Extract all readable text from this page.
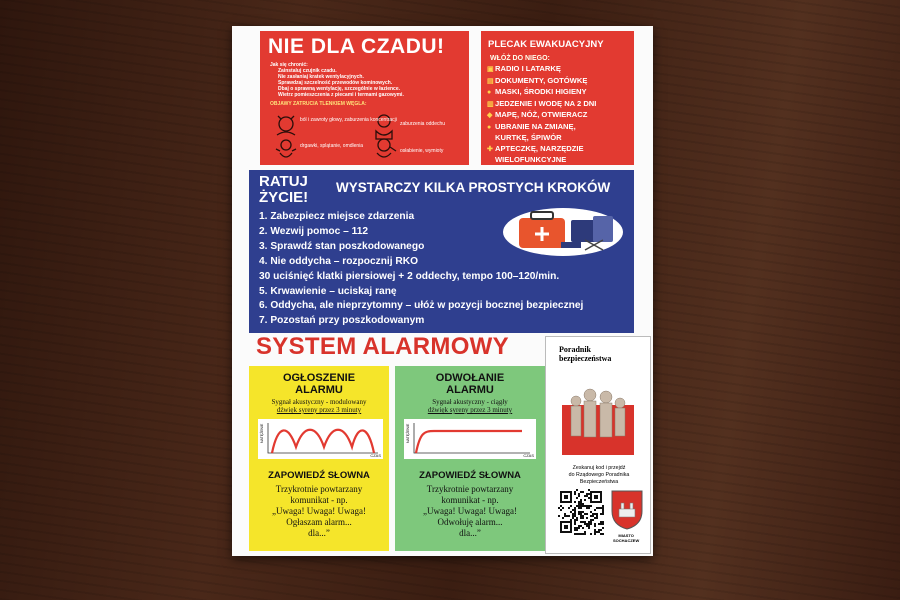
NIE DLA CZADU!
Jak się chronić:
Zainstaluj czujnik czadu.
Nie zasłaniaj kratek wentylacyjnych.
Sprawdzaj szczelność przewodów kominowych.
Dbaj o sprawną wentylację, szczególnie w łazience.
Wietrz pomieszczenia z piecami i termami gazowymi.
OBJAWY ZATRUCIA TLENKIEM WĘGLA:
ból i zawroty głowy, zaburzenia koncentracji
zaburzenia oddechu
drgawki, splątanie, omdlenia
osłabienie, wymioty
PLECAK EWAKUACYJNY
WŁÓŻ DO NIEGO:
▣RADIO I LATARKĘ
▤DOKUMENTY, GOTÓWKĘ
● MASKI, ŚRODKI HIGIENY
▥JEDZENIE I WODĘ NA 2 DNI
◆ MAPĘ, NÓŻ, OTWIERACZ
● UBRANIE NA ZMIANĘ,
KURTKĘ, ŚPIWÓR
✚ APTECZKĘ, NARZĘDZIE
WIELOFUNKCYJNE
RATUJ
ŻYCIE!
WYSTARCZY KILKA PROSTYCH KROKÓW
1. Zabezpiecz miejsce zdarzenia
2. Wezwij pomoc – 112
3. Sprawdź stan poszkodowanego
4. Nie oddycha – rozpocznij RKO
30 uciśnięć klatki piersiowej + 2 oddechy, tempo 100–120/min.
5. Krwawienie – uciskaj ranę
6. Oddycha, ale nieprzytomny – ułóż w pozycji bocznej bezpiecznej
7. Pozostań przy poszkodowanym
SYSTEM ALARMOWY
OGŁOSZENIE
ALARMU
Sygnał akustyczny - modulowany
dźwięk syreny przez 3 minuty
NATĘŻENIE
CZAS
ZAPOWIEDŹ SŁOWNA
Trzykrotnie powtarzany
komunikat - np.
„Uwaga! Uwaga! Uwaga!
Ogłaszam alarm...
dla...”
ODWOŁANIE
ALARMU
Sygnał akustyczny - ciągły
dźwięk syreny przez 3 minuty
NATĘŻENIE
CZAS
ZAPOWIEDŹ SŁOWNA
Trzykrotnie powtarzany
komunikat - np.
„Uwaga! Uwaga! Uwaga!
Odwołuję alarm...
dla...”
Poradnik
bezpieczeństwa
Zeskanuj kod i przejdź
do Rządowego Poradnika
Bezpieczeństwa
MIASTO
SOCHACZEW
